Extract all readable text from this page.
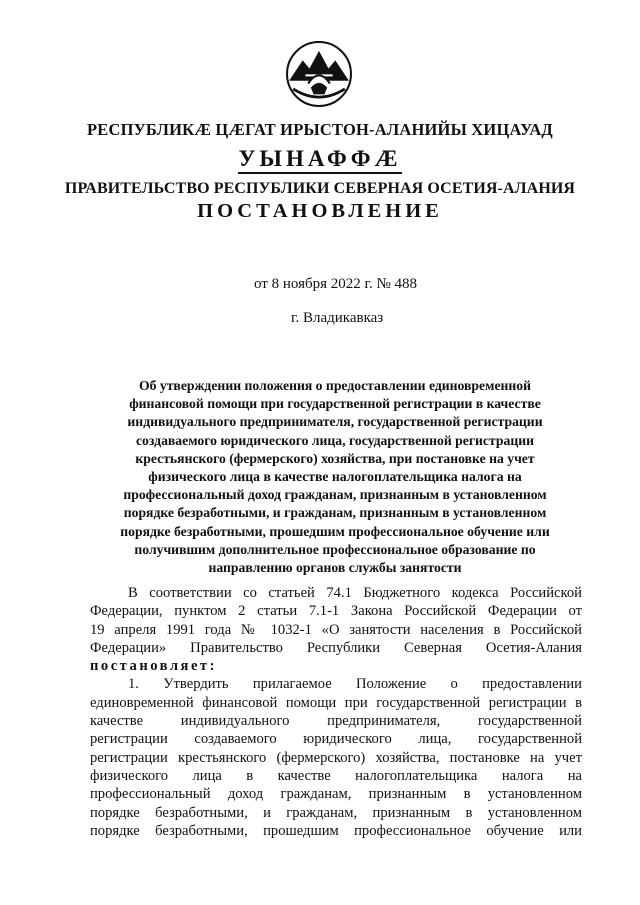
РЕСПУБЛИКÆ ЦÆГАТ ИРЫСТОН-АЛАНИЙЫ ХИЦАУАД
УЫНАФФÆ
ПРАВИТЕЛЬСТВО РЕСПУБЛИКИ СЕВЕРНАЯ ОСЕТИЯ-АЛАНИЯ
ПОСТАНОВЛЕНИЕ
от 8 ноября 2022 г. № 488
г. Владикавказ
Об утверждении положения о предоставлении единовременной
финансовой помощи при государственной регистрации в качестве
индивидуального предпринимателя, государственной регистрации
создаваемого юридического лица, государственной регистрации
крестьянского (фермерского) хозяйства, при постановке на учет
физического лица в качестве налогоплательщика налога на
профессиональный доход гражданам, признанным в установленном
порядке безработными, и гражданам, признанным в установленном
порядке безработными, прошедшим профессиональное обучение или
получившим дополнительное профессиональное образование по
направлению органов службы занятости

В соответствии со статьей 74.1 Бюджетного кодекса Российской

Федерации, пунктом 2 статьи 7.1-1 Закона Российской Федерации от

19 апреля 1991 года № 1032-1 «О занятости населения в Российской

Федерации» Правительство Республики Северная Осетия-Алания

постановляет:

1. Утвердить прилагаемое Положение о предоставлении

единовременной финансовой помощи при государственной регистрации в

качестве индивидуального предпринимателя, государственной

регистрации создаваемого юридического лица, государственной

регистрации крестьянского (фермерского) хозяйства, постановке на учет

физического лица в качестве налогоплательщика налога на

профессиональный доход гражданам, признанным в установленном

порядке безработными, и гражданам, признанным в установленном

порядке безработными, прошедшим профессиональное обучение или
